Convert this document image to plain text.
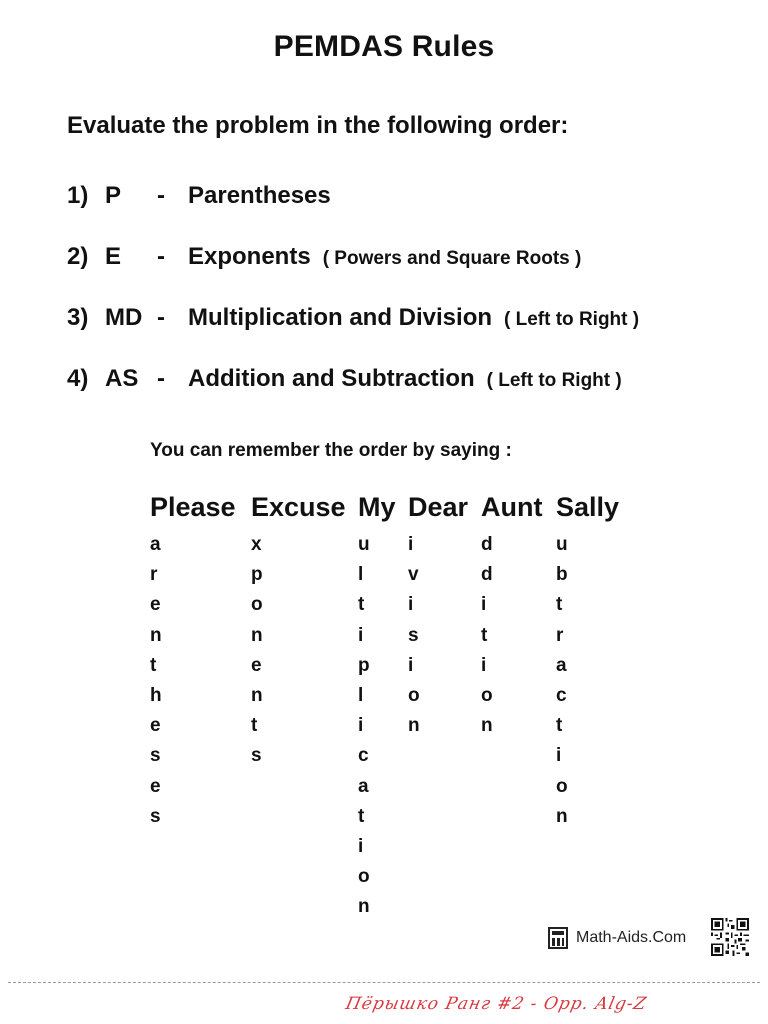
PEMDAS Rules
Evaluate the problem in the following order:
1) P - Parentheses
2) E - Exponents ( Powers and Square Roots )
3) MD - Multiplication and Division ( Left to Right )
4) AS - Addition and Subtraction ( Left to Right )
You can remember the order by saying :
Please Excuse My Dear Aunt Sally
a
r
e
n
t
h
e
s
e
s
x
p
o
n
e
n
t
s
u
l
t
i
p
l
i
c
a
t
i
o
n
i
v
i
s
i
o
n
d
d
i
t
i
o
n
u
b
t
r
a
c
t
i
o
n
Math-Aids.Com
Пёрышко Ранг #2 - Орр. Alg-Z
